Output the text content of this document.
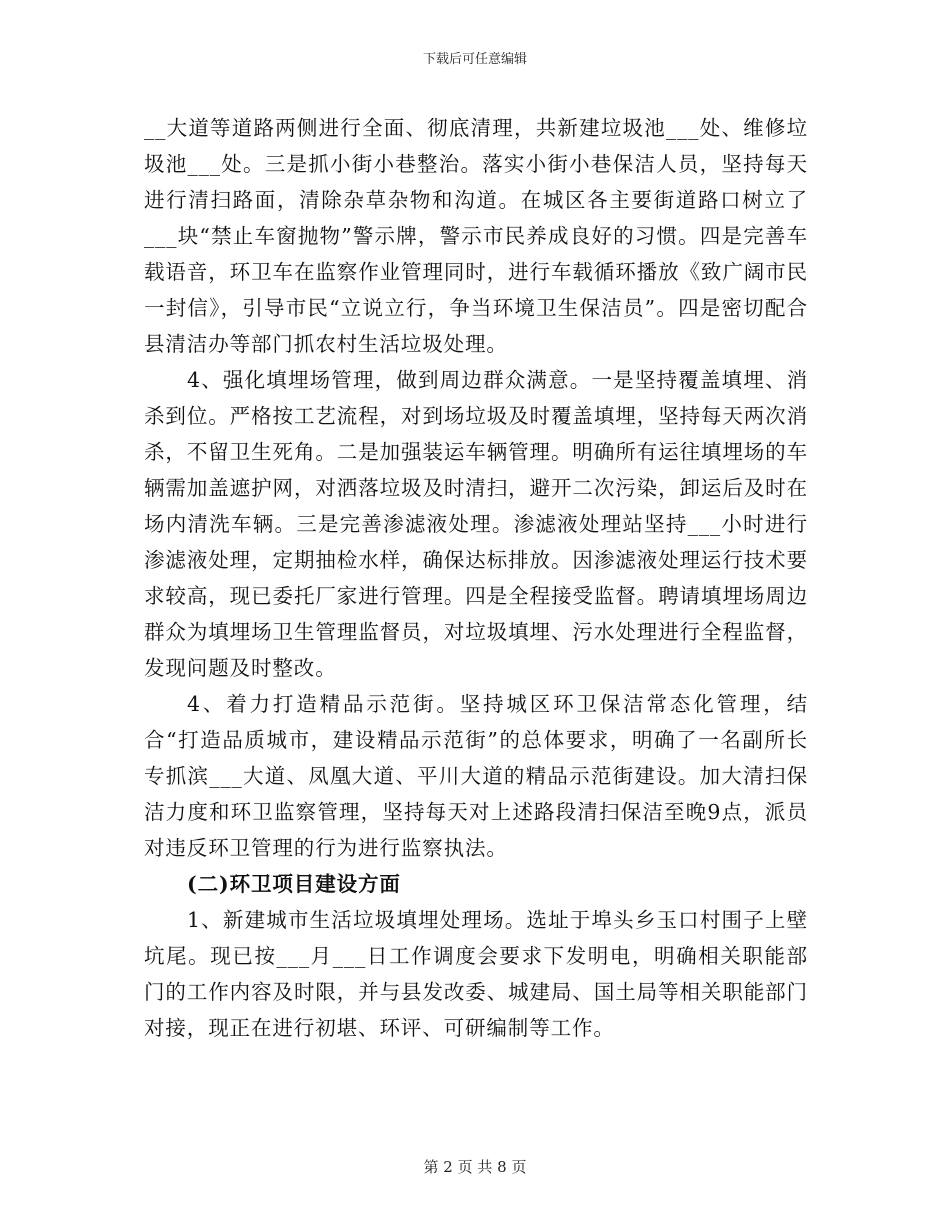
下载后可任意编辑

__大道等道路两侧进行全面、彻底清理，共新建垃圾池___处、维修垃圾池___处。三是抓小街小巷整治。落实小街小巷保洁人员，坚持每天进行清扫路面，清除杂草杂物和沟道。在城区各主要街道路口树立了___块“禁止车窗抛物”警示牌，警示市民养成良好的习惯。四是完善车载语音，环卫车在监察作业管理同时，进行车载循环播放《致广阔市民一封信》，引导市民“立说立行，争当环境卫生保洁员”。四是密切配合县清洁办等部门抓农村生活垃圾处理。

4、强化填埋场管理，做到周边群众满意。一是坚持覆盖填埋、消杀到位。严格按工艺流程，对到场垃圾及时覆盖填埋，坚持每天两次消杀，不留卫生死角。二是加强装运车辆管理。明确所有运往填埋场的车辆需加盖遮护网，对洒落垃圾及时清扫，避开二次污染，卸运后及时在场内清洗车辆。三是完善渗滤液处理。渗滤液处理站坚持___小时进行渗滤液处理，定期抽检水样，确保达标排放。因渗滤液处理运行技术要求较高，现已委托厂家进行管理。四是全程接受监督。聘请填埋场周边群众为填埋场卫生管理监督员，对垃圾填埋、污水处理进行全程监督，发现问题及时整改。

4、着力打造精品示范街。坚持城区环卫保洁常态化管理，结合“打造品质城市，建设精品示范街”的总体要求，明确了一名副所长专抓滨___大道、凤凰大道、平川大道的精品示范街建设。加大清扫保洁力度和环卫监察管理，坚持每天对上述路段清扫保洁至晚9点，派员对违反环卫管理的行为进行监察执法。

(二)环卫项目建设方面

1、新建城市生活垃圾填埋处理场。选址于埠头乡玉口村围子上壁坑尾。现已按___月___日工作调度会要求下发明电，明确相关职能部门的工作内容及时限，并与县发改委、城建局、国土局等相关职能部门对接，现正在进行初堪、环评、可研编制等工作。

第 2 页 共 8 页
